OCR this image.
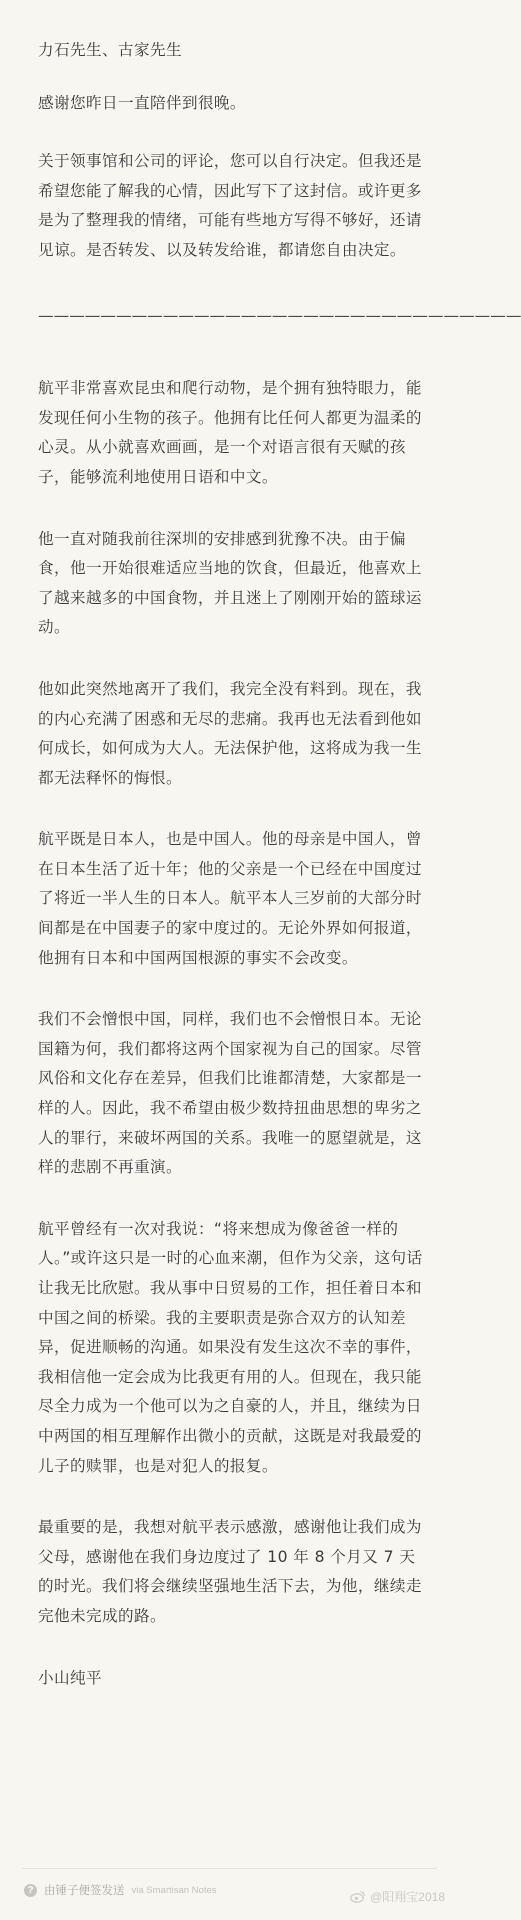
力石先生、古家先生

感谢您昨日一直陪伴到很晚。

关于领事馆和公司的评论，您可以自行决定。但我还是希望您能了解我的心情，因此写下了这封信。或许更多是为了整理我的情绪，可能有些地方写得不够好，还请见谅。是否转发、以及转发给谁，都请您自由决定。

———————————————————————————————

航平非常喜欢昆虫和爬行动物，是个拥有独特眼力，能发现任何小生物的孩子。他拥有比任何人都更为温柔的心灵。从小就喜欢画画，是一个对语言很有天赋的孩子，能够流利地使用日语和中文。

他一直对随我前往深圳的安排感到犹豫不决。由于偏食，他一开始很难适应当地的饮食，但最近，他喜欢上了越来越多的中国食物，并且迷上了刚刚开始的篮球运动。

他如此突然地离开了我们，我完全没有料到。现在，我的内心充满了困惑和无尽的悲痛。我再也无法看到他如何成长，如何成为大人。无法保护他，这将成为我一生都无法释怀的悔恨。

航平既是日本人，也是中国人。他的母亲是中国人，曾在日本生活了近十年；他的父亲是一个已经在中国度过了将近一半人生的日本人。航平本人三岁前的大部分时间都是在中国妻子的家中度过的。无论外界如何报道，他拥有日本和中国两国根源的事实不会改变。

我们不会憎恨中国，同样，我们也不会憎恨日本。无论国籍为何，我们都将这两个国家视为自己的国家。尽管风俗和文化存在差异，但我们比谁都清楚，大家都是一样的人。因此，我不希望由极少数持扭曲思想的卑劣之人的罪行，来破坏两国的关系。我唯一的愿望就是，这样的悲剧不再重演。

航平曾经有一次对我说：“将来想成为像爸爸一样的人。”或许这只是一时的心血来潮，但作为父亲，这句话让我无比欣慰。我从事中日贸易的工作，担任着日本和中国之间的桥梁。我的主要职责是弥合双方的认知差异，促进顺畅的沟通。如果没有发生这次不幸的事件，我相信他一定会成为比我更有用的人。但现在，我只能尽全力成为一个他可以为之自豪的人，并且，继续为日中两国的相互理解作出微小的贡献，这既是对我最爱的儿子的赎罪，也是对犯人的报复。

最重要的是，我想对航平表示感激，感谢他让我们成为父母，感谢他在我们身边度过了 10 年 8 个月又 7 天的时光。我们将会继续坚强地生活下去，为他，继续走完他未完成的路。

小山纯平

? 由锤子便签发送 via Smartisan Notes	@阳翔宝2018
